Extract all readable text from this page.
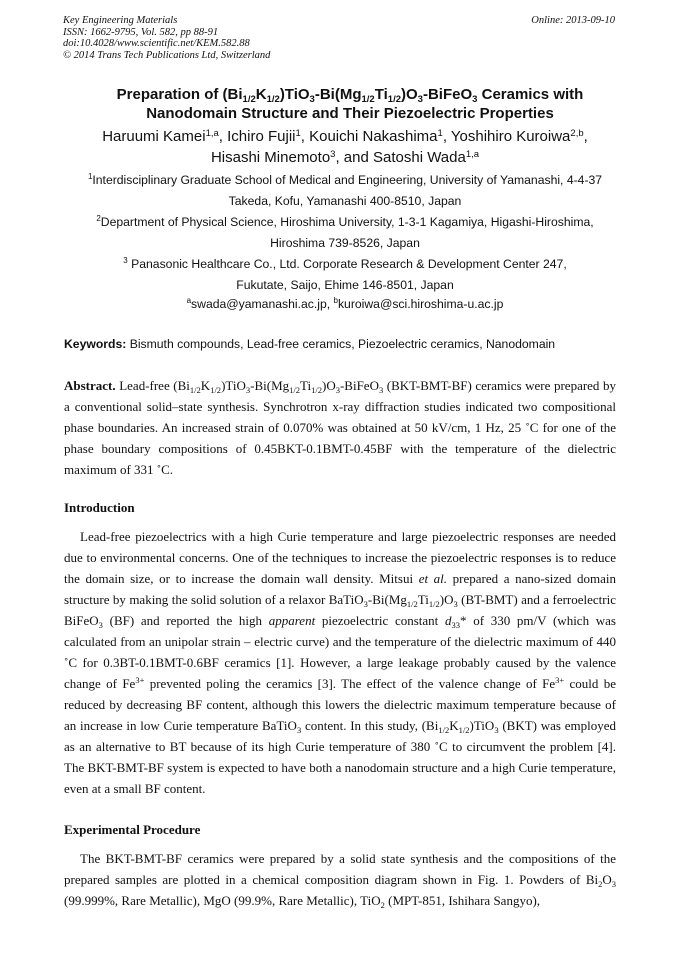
Key Engineering Materials
ISSN: 1662-9795, Vol. 582, pp 88-91
doi:10.4028/www.scientific.net/KEM.582.88
© 2014 Trans Tech Publications Ltd, Switzerland
Online: 2013-09-10
Preparation of $(Bi_{1/2}K_{1/2})TiO_3-Bi(Mg_{1/2}Ti_{1/2})O_3-BiFeO_3$ Ceramics with
Nanodomain Structure and Their Piezoelectric Properties
Haruumi Kamei$^{1,a}$, Ichiro Fujii$^1$, Kouichi Nakashima$^1$, Yoshihiro Kuroiwa$^{2,b}$,
Hisashi Minemoto$^3$, and Satoshi Wada$^{1,a}$
$^1$Interdisciplinary Graduate School of Medical and Engineering, University of Yamanashi, 4-4-37
Takeda, Kofu, Yamanashi 400-8510, Japan
$^2$Department of Physical Science, Hiroshima University, 1-3-1 Kagamiya, Higashi-Hiroshima,
Hiroshima 739-8526, Japan
$^3$ Panasonic Healthcare Co., Ltd. Corporate Research & Development Center 247,
Fukutate, Saijo, Ehime 146-8501, Japan
$^a$swada@yamanashi.ac.jp, $^b$kuroiwa@sci.hiroshima-u.ac.jp
Keywords: Bismuth compounds, Lead-free ceramics, Piezoelectric ceramics, Nanodomain
Abstract. Lead-free $(Bi_{1/2}K_{1/2})TiO_3-Bi(Mg_{1/2}Ti_{1/2})O_3-BiFeO_3$ (BKT-BMT-BF) ceramics were prepared by a conventional solid–state synthesis. Synchrotron x-ray diffraction studies indicated two compositional phase boundaries. An increased strain of 0.070% was obtained at 50 kV/cm, 1 Hz, 25 ˚C for one of the phase boundary compositions of 0.45BKT-0.1BMT-0.45BF with the temperature of the dielectric maximum of 331 ˚C.
Introduction
Lead-free piezoelectrics with a high Curie temperature and large piezoelectric responses are needed due to environmental concerns. One of the techniques to increase the piezoelectric responses is to reduce the domain size, or to increase the domain wall density. Mitsui et al. prepared a nano-sized domain structure by making the solid solution of a relaxor $BaTiO_3-Bi(Mg_{1/2}Ti_{1/2})O_3$ (BT-BMT) and a ferroelectric BiFeO$_3$ (BF) and reported the high apparent piezoelectric constant $d_{33}*$ of 330 pm/V (which was calculated from an unipolar strain – electric curve) and the temperature of the dielectric maximum of 440 ˚C for 0.3BT-0.1BMT-0.6BF ceramics [1]. However, a large leakage probably caused by the valence change of $Fe^{3+}$ prevented poling the ceramics [3]. The effect of the valence change of $Fe^{3+}$ could be reduced by decreasing BF content, although this lowers the dielectric maximum temperature because of an increase in low Curie temperature BaTiO$_3$ content. In this study, $(Bi_{1/2}K_{1/2})TiO_3$ (BKT) was employed as an alternative to BT because of its high Curie temperature of 380 ˚C to circumvent the problem [4]. The BKT-BMT-BF system is expected to have both a nanodomain structure and a high Curie temperature, even at a small BF content.
Experimental Procedure
The BKT-BMT-BF ceramics were prepared by a solid state synthesis and the compositions of the prepared samples are plotted in a chemical composition diagram shown in Fig. 1. Powders of $Bi_2O_3$ (99.999%, Rare Metallic), MgO (99.9%, Rare Metallic), TiO$_2$ (MPT-851, Ishihara Sangyo),
